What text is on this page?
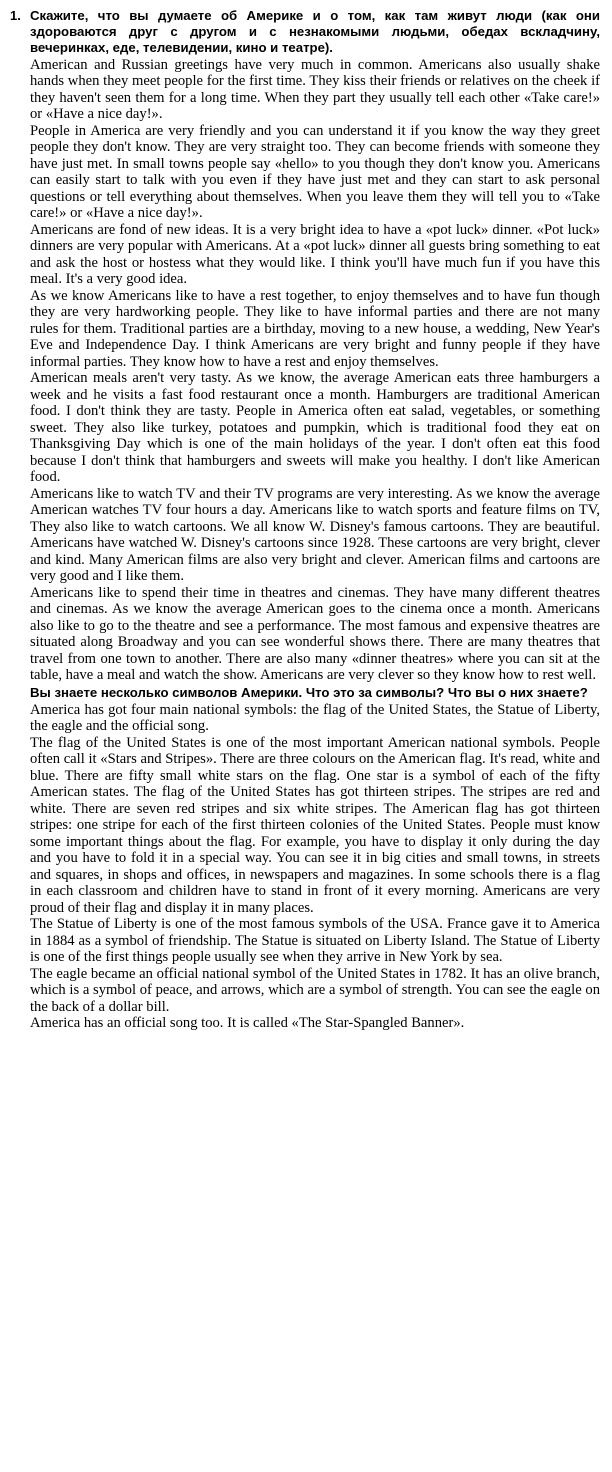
1. Скажите, что вы думаете об Америке и о том, как там живут люди (как они здороваются друг с другом и с незнакомыми людьми, обедах вскладчину, вечеринках, еде, телевидении, кино и театре).

American and Russian greetings have very much in common. Americans also usually shake hands when they meet people for the first time. They kiss their friends or relatives on the cheek if they haven't seen them for a long time. When they part they usually tell each other «Take care!» or «Have a nice day!».

People in America are very friendly and you can understand it if you know the way they greet people they don't know. They are very straight too. They can become friends with someone they have just met. In small towns people say «hello» to you though they don't know you. Americans can easily start to talk with you even if they have just met and they can start to ask personal questions or tell everything about themselves. When you leave them they will tell you to «Take care!» or «Have a nice day!».

Americans are fond of new ideas. It is a very bright idea to have a «pot luck» dinner. «Pot luck» dinners are very popular with Americans. At a «pot luck» dinner all guests bring something to eat and ask the host or hostess what they would like. I think you'll have much fun if you have this meal. It's a very good idea.

As we know Americans like to have a rest together, to enjoy themselves and to have fun though they are very hardworking people. They like to have informal parties and there are not many rules for them. Traditional parties are a birthday, moving to a new house, a wedding, New Year's Eve and Independence Day. I think Americans are very bright and funny people if they have informal parties. They know how to have a rest and enjoy themselves.

American meals aren't very tasty. As we know, the average American eats three hamburgers a week and he visits a fast food restaurant once a month. Hamburgers are traditional American food. I don't think they are tasty. People in America often eat salad, vegetables, or something sweet. They also like turkey, potatoes and pumpkin, which is traditional food they eat on Thanksgiving Day which is one of the main holidays of the year. I don't often eat this food because I don't think that hamburgers and sweets will make you healthy. I don't like American food.

Americans like to watch TV and their TV programs are very interesting. As we know the average American watches TV four hours a day. Americans like to watch sports and feature films on TV, They also like to watch cartoons. We all know W. Disney's famous cartoons. They are beautiful. Americans have watched W. Disney's cartoons since 1928. These cartoons are very bright, clever and kind. Many American films are also very bright and clever. American films and cartoons are very good and I like them.

Americans like to spend their time in theatres and cinemas. They have many different theatres and cinemas. As we know the average American goes to the cinema once a month. Americans also like to go to the theatre and see a performance. The most famous and expensive theatres are situated along Broadway and you can see wonderful shows there. There are many theatres that travel from one town to another. There are also many «dinner theatres» where you can sit at the table, have a meal and watch the show. Americans are very clever so they know how to rest well.

Вы знаете несколько символов Америки. Что это за символы? Что вы о них знаете?

America has got four main national symbols: the flag of the United States, the Statue of Liberty, the eagle and the official song.

The flag of the United States is one of the most important American national symbols. People often call it «Stars and Stripes». There are three colours on the American flag. It's read, white and blue. There are fifty small white stars on the flag. One star is a symbol of each of the fifty American states. The flag of the United States has got thirteen stripes. The stripes are red and white. There are seven red stripes and six white stripes. The American flag has got thirteen stripes: one stripe for each of the first thirteen colonies of the United States. People must know some important things about the flag. For example, you have to display it only during the day and you have to fold it in a special way. You can see it in big cities and small towns, in streets and squares, in shops and offices, in newspapers and magazines. In some schools there is a flag in each classroom and children have to stand in front of it every morning. Americans are very proud of their flag and display it in many places.

The Statue of Liberty is one of the most famous symbols of the USA. France gave it to America in 1884 as a symbol of friendship. The Statue is situated on Liberty Island. The Statue of Liberty is one of the first things people usually see when they arrive in New York by sea.

The eagle became an official national symbol of the United States in 1782. It has an olive branch, which is a symbol of peace, and arrows, which are a symbol of strength. You can see the eagle on the back of a dollar bill.

America has an official song too. It is called «The Star-Spangled Banner».
